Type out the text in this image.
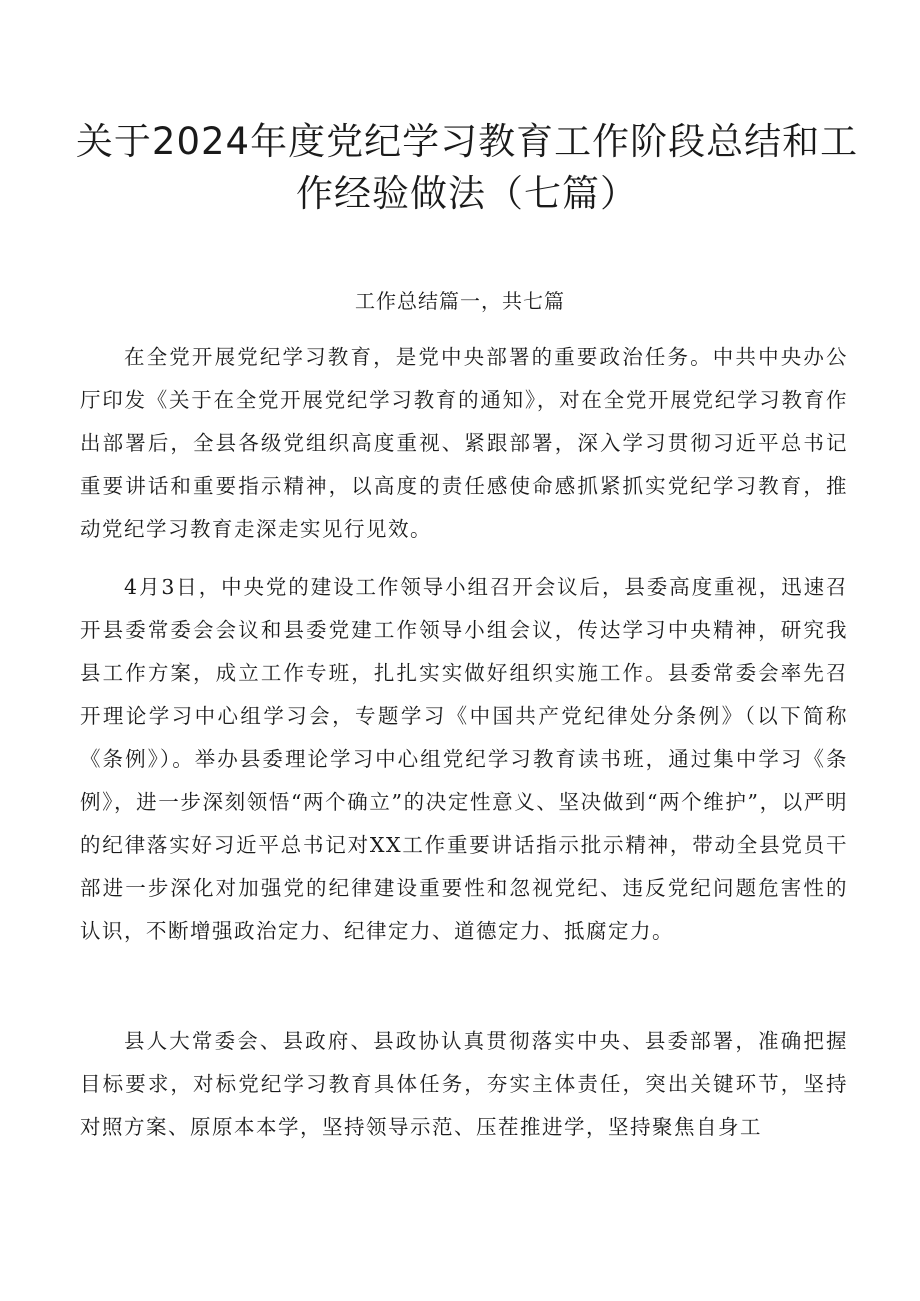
关于2024年度党纪学习教育工作阶段总结和工作经验做法（七篇）
工作总结篇一，共七篇

在全党开展党纪学习教育，是党中央部署的重要政治任务。中共中央办公厅印发《关于在全党开展党纪学习教育的通知》，对在全党开展党纪学习教育作出部署后，全县各级党组织高度重视、紧跟部署，深入学习贯彻习近平总书记重要讲话和重要指示精神，以高度的责任感使命感抓紧抓实党纪学习教育，推动党纪学习教育走深走实见行见效。

4月3日，中央党的建设工作领导小组召开会议后，县委高度重视，迅速召开县委常委会会议和县委党建工作领导小组会议，传达学习中央精神，研究我县工作方案，成立工作专班，扎扎实实做好组织实施工作。县委常委会率先召开理论学习中心组学习会，专题学习《中国共产党纪律处分条例》（以下简称《条例》）。举办县委理论学习中心组党纪学习教育读书班，通过集中学习《条例》，进一步深刻领悟“两个确立”的决定性意义、坚决做到“两个维护”，以严明的纪律落实好习近平总书记对XX工作重要讲话指示批示精神，带动全县党员干部进一步深化对加强党的纪律建设重要性和忽视党纪、违反党纪问题危害性的认识，不断增强政治定力、纪律定力、道德定力、抵腐定力。

县人大常委会、县政府、县政协认真贯彻落实中央、县委部署，准确把握目标要求，对标党纪学习教育具体任务，夯实主体责任，突出关键环节，坚持对照方案、原原本本学，坚持领导示范、压茬推进学，坚持聚焦自身工
